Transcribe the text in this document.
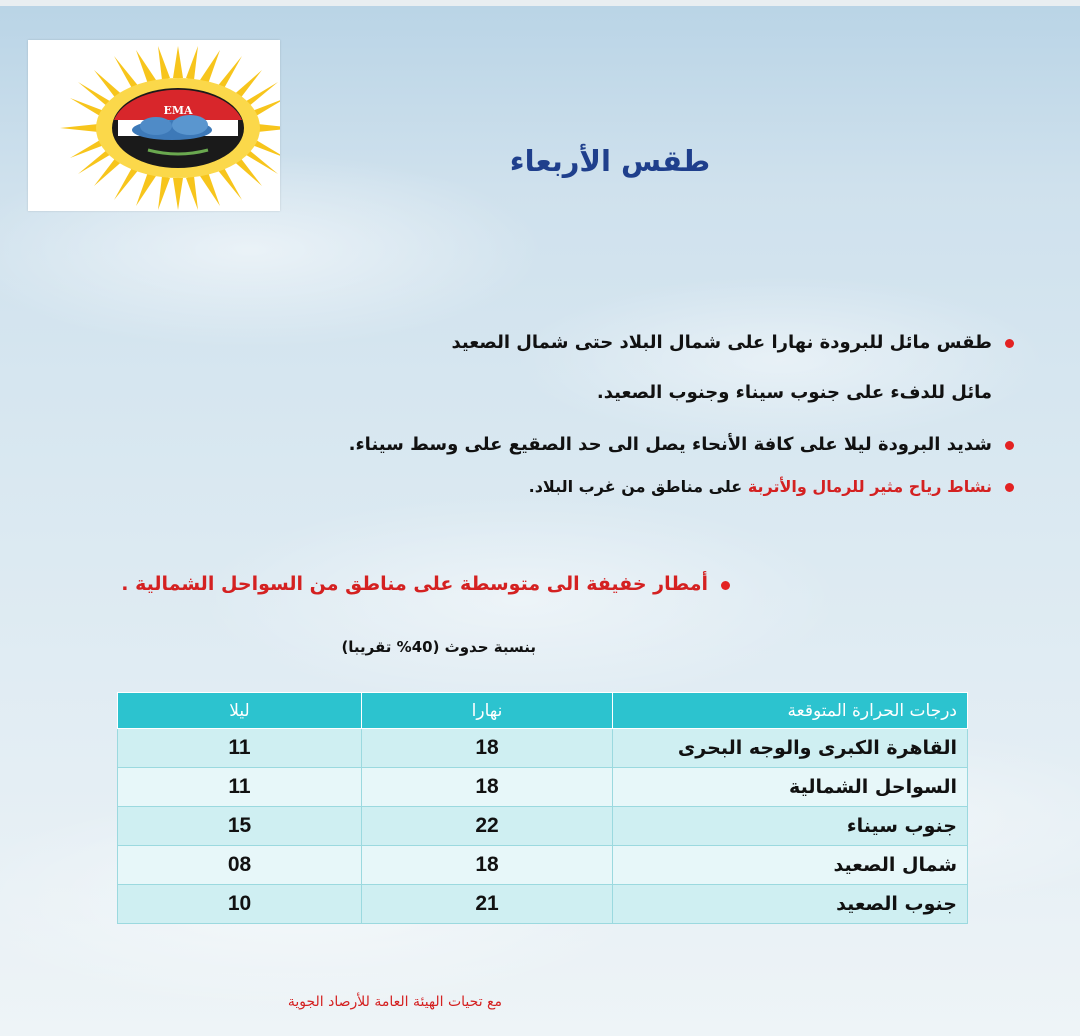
EMA
طقس الأربعاء
طقس مائل للبرودة نهارا على شمال البلاد حتى شمال الصعيد
مائل للدفء على جنوب سيناء وجنوب الصعيد.
شديد البرودة ليلا على كافة الأنحاء يصل الى حد الصقيع على وسط سيناء.
نشاط رياح مثير للرمال والأتربة على مناطق من غرب البلاد.
أمطار خفيفة الى متوسطة على مناطق من السواحل الشمالية .
بنسبة حدوث (40% تقريبا)
درجات الحرارة المتوقعة	نهارا	ليلا
القاهرة الكبرى والوجه البحرى	18	11
السواحل الشمالية	18	11
جنوب سيناء	22	15
شمال الصعيد	18	08
جنوب الصعيد	21	10
مع تحيات الهيئة العامة للأرصاد الجوية
